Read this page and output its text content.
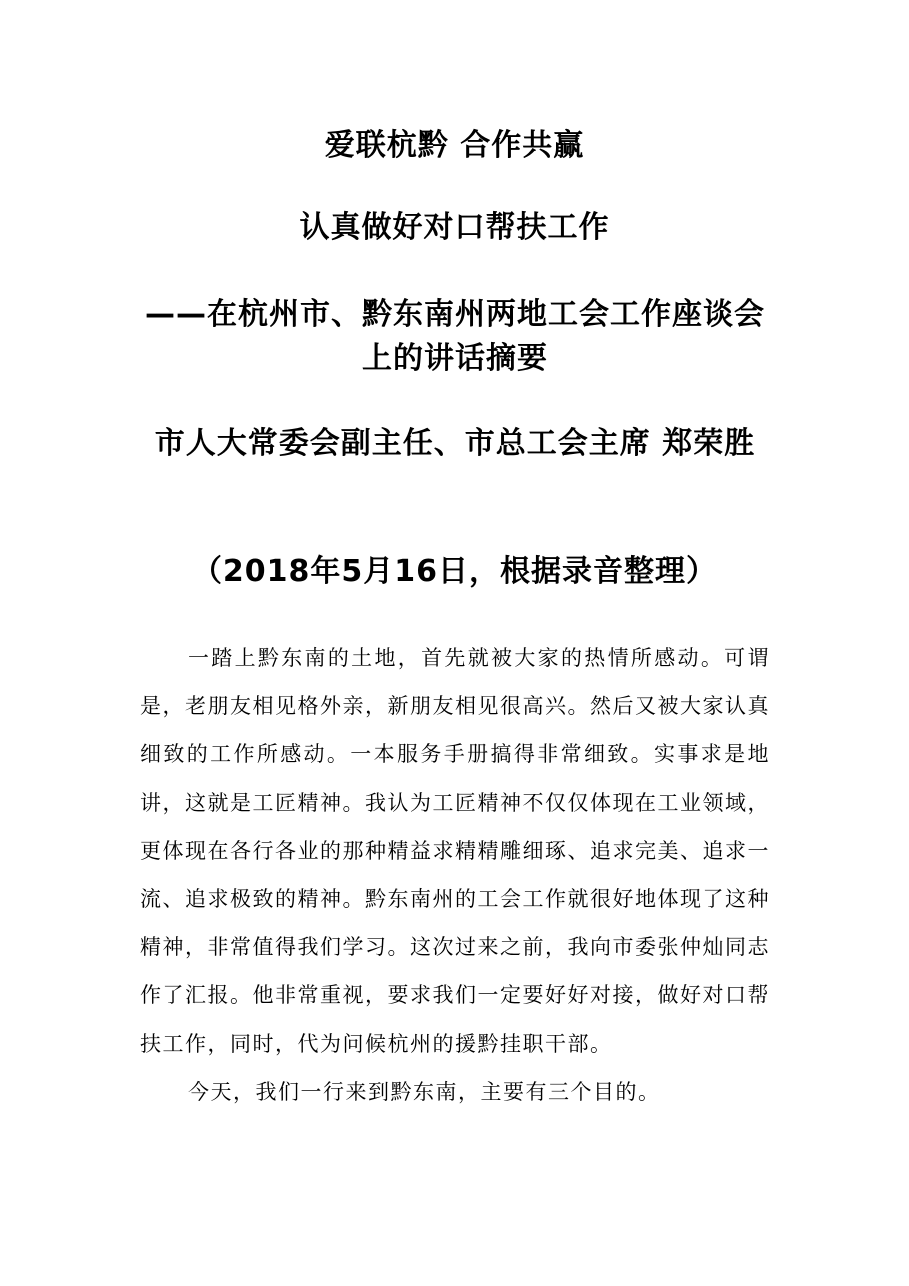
爱联杭黔 合作共赢
认真做好对口帮扶工作
——在杭州市、黔东南州两地工会工作座谈会上的讲话摘要
市人大常委会副主任、市总工会主席 郑荣胜
（2018年5月16日，根据录音整理）

一踏上黔东南的土地，首先就被大家的热情所感动。可谓是，老朋友相见格外亲，新朋友相见很高兴。然后又被大家认真细致的工作所感动。一本服务手册搞得非常细致。实事求是地讲，这就是工匠精神。我认为工匠精神不仅仅体现在工业领域，更体现在各行各业的那种精益求精精雕细琢、追求完美、追求一流、追求极致的精神。黔东南州的工会工作就很好地体现了这种精神，非常值得我们学习。这次过来之前，我向市委张仲灿同志作了汇报。他非常重视，要求我们一定要好好对接，做好对口帮扶工作，同时，代为问候杭州的援黔挂职干部。

今天，我们一行来到黔东南，主要有三个目的。
